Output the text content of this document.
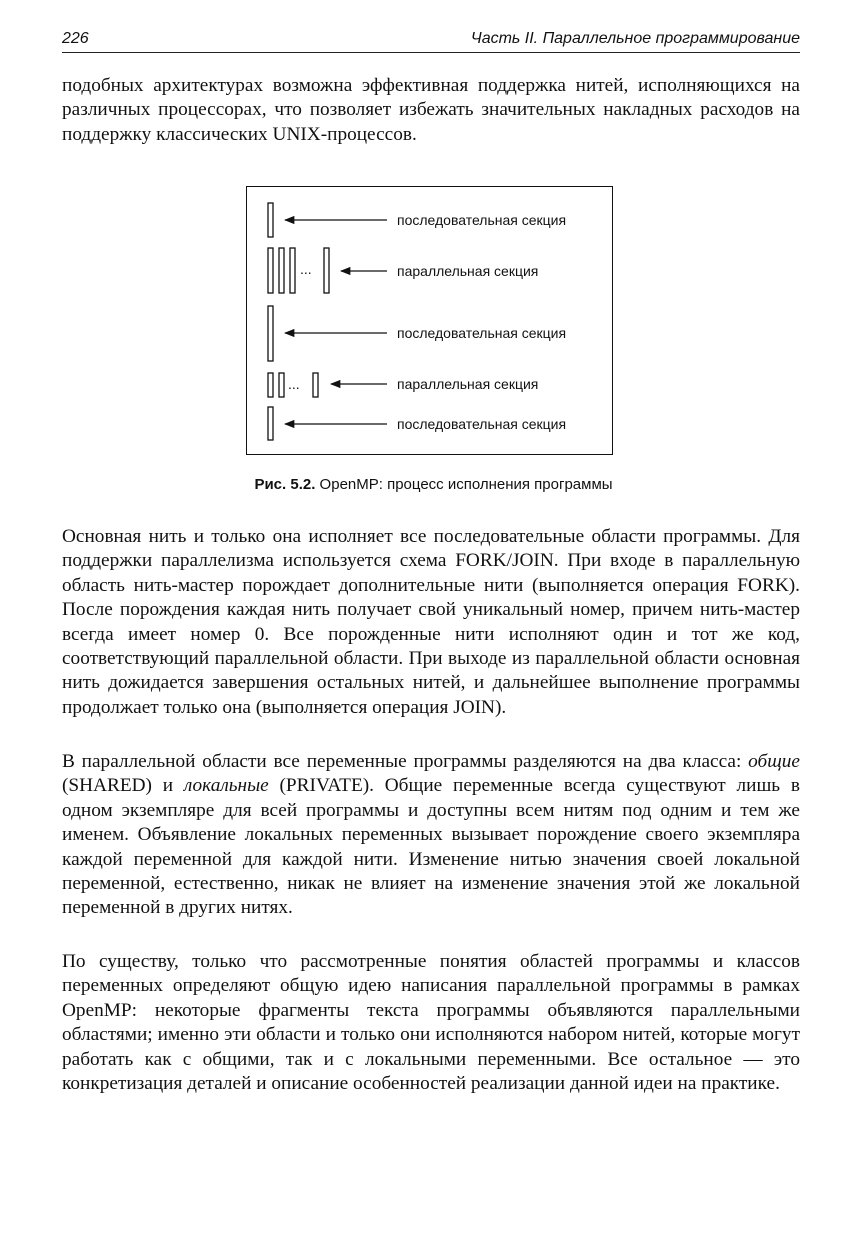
226	Часть II. Параллельное программирование

подобных архитектурах возможна эффективная поддержка нитей, исполняющихся на различных процессорах, что позволяет избежать значительных накладных расходов на поддержку классических UNIX-процессов.

...
...
последовательная секция
параллельная секция
последовательная секция
параллельная секция
последовательная секция
Рис. 5.2. OpenMP: процесс исполнения программы

Основная нить и только она исполняет все последовательные области программы. Для поддержки параллелизма используется схема FORK/JOIN. При входе в параллельную область нить-мастер порождает дополнительные нити (выполняется операция FORK). После порождения каждая нить получает свой уникальный номер, причем нить-мастер всегда имеет номер 0. Все порожденные нити исполняют один и тот же код, соответствующий параллельной области. При выходе из параллельной области основная нить дожидается завершения остальных нитей, и дальнейшее выполнение программы продолжает только она (выполняется операция JOIN).

В параллельной области все переменные программы разделяются на два класса: общие (SHARED) и локальные (PRIVATE). Общие переменные всегда существуют лишь в одном экземпляре для всей программы и доступны всем нитям под одним и тем же именем. Объявление локальных переменных вызывает порождение своего экземпляра каждой переменной для каждой нити. Изменение нитью значения своей локальной переменной, естественно, никак не влияет на изменение значения этой же локальной переменной в других нитях.

По существу, только что рассмотренные понятия областей программы и классов переменных определяют общую идею написания параллельной программы в рамках OpenMP: некоторые фрагменты текста программы объявляются параллельными областями; именно эти области и только они исполняются набором нитей, которые могут работать как с общими, так и с локальными переменными. Все остальное — это конкретизация деталей и описание особенностей реализации данной идеи на практике.
